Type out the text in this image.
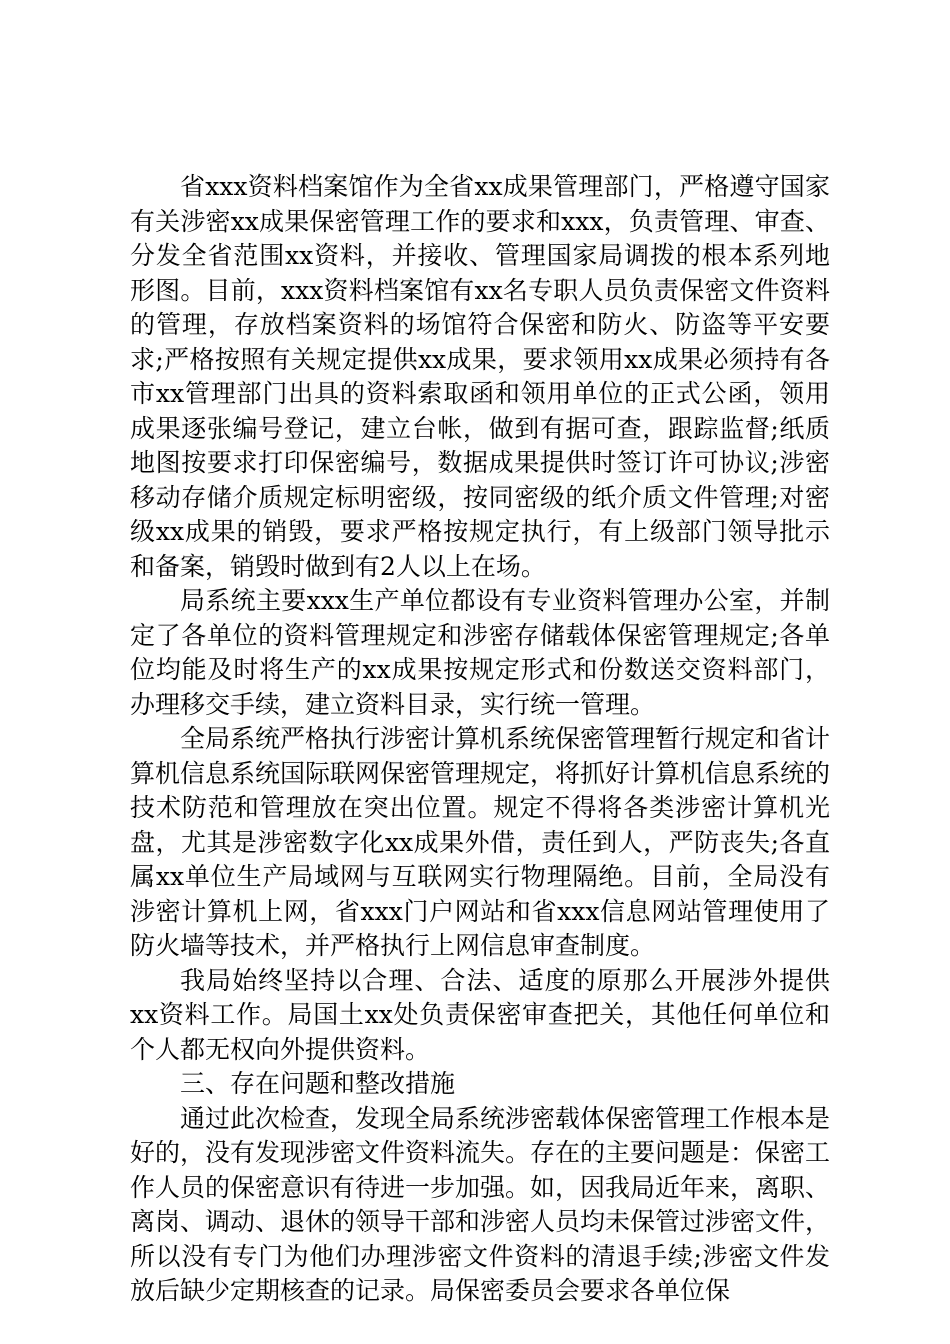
省xxx资料档案馆作为全省xx成果管理部门，严格遵守国家有关涉密xx成果保密管理工作的要求和xxx，负责管理、审查、分发全省范围xx资料，并接收、管理国家局调拨的根本系列地形图。目前，xxx资料档案馆有xx名专职人员负责保密文件资料的管理，存放档案资料的场馆符合保密和防火、防盗等平安要求;严格按照有关规定提供xx成果，要求领用xx成果必须持有各市xx管理部门出具的资料索取函和领用单位的正式公函，领用成果逐张编号登记，建立台帐，做到有据可查，跟踪监督;纸质地图按要求打印保密编号，数据成果提供时签订许可协议;涉密移动存储介质规定标明密级，按同密级的纸介质文件管理;对密级xx成果的销毁，要求严格按规定执行，有上级部门领导批示和备案，销毁时做到有2人以上在场。

局系统主要xxx生产单位都设有专业资料管理办公室，并制定了各单位的资料管理规定和涉密存储载体保密管理规定;各单位均能及时将生产的xx成果按规定形式和份数送交资料部门，办理移交手续，建立资料目录，实行统一管理。

全局系统严格执行涉密计算机系统保密管理暂行规定和省计算机信息系统国际联网保密管理规定，将抓好计算机信息系统的技术防范和管理放在突出位置。规定不得将各类涉密计算机光盘，尤其是涉密数字化xx成果外借，责任到人，严防丧失;各直属xx单位生产局域网与互联网实行物理隔绝。目前，全局没有涉密计算机上网，省xxx门户网站和省xxx信息网站管理使用了防火墙等技术，并严格执行上网信息审查制度。

我局始终坚持以合理、合法、适度的原那么开展涉外提供xx资料工作。局国土xx处负责保密审查把关，其他任何单位和个人都无权向外提供资料。

三、存在问题和整改措施

通过此次检查，发现全局系统涉密载体保密管理工作根本是好的，没有发现涉密文件资料流失。存在的主要问题是：保密工作人员的保密意识有待进一步加强。如，因我局近年来，离职、离岗、调动、退休的领导干部和涉密人员均未保管过涉密文件，所以没有专门为他们办理涉密文件资料的清退手续;涉密文件发放后缺少定期核查的记录。局保密委员会要求各单位保
